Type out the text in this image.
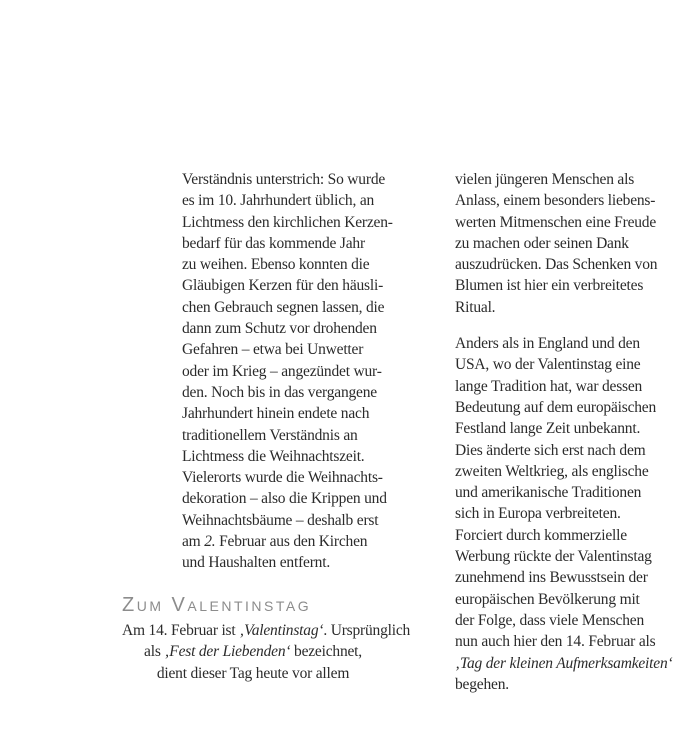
Verständnis unterstrich: So wurde
es im 10. Jahrhundert üblich, an
Lichtmess den kirchlichen Kerzen-
bedarf für das kommende Jahr
zu weihen. Ebenso konnten die
Gläubigen Kerzen für den häusli-
chen Gebrauch segnen lassen, die
dann zum Schutz vor drohenden
Gefahren – etwa bei Unwetter
oder im Krieg – angezündet wur-
den. Noch bis in das vergangene
Jahrhundert hinein endete nach
traditionellem Verständnis an
Lichtmess die Weihnachtszeit.
Vielerorts wurde die Weihnachts-
dekoration – also die Krippen und
Weihnachtsbäume – deshalb erst
am 2. Februar aus den Kirchen
und Haushalten entfernt.
Zum Valentinstag
Am 14. Februar ist ‚Valentinstag‘. Ursprünglich
als ‚Fest der Liebenden‘ bezeichnet,
dient dieser Tag heute vor allem
vielen jüngeren Menschen als
Anlass, einem besonders liebens-
werten Mitmenschen eine Freude
zu machen oder seinen Dank
auszudrücken. Das Schenken von
Blumen ist hier ein verbreitetes
Ritual.
Anders als in England und den
USA, wo der Valentinstag eine
lange Tradition hat, war dessen
Bedeutung auf dem europäischen
Festland lange Zeit unbekannt.
Dies änderte sich erst nach dem
zweiten Weltkrieg, als englische
und amerikanische Traditionen
sich in Europa verbreiteten.
Forciert durch kommerzielle
Werbung rückte der Valentinstag
zunehmend ins Bewusstsein der
europäischen Bevölkerung mit
der Folge, dass viele Menschen
nun auch hier den 14. Februar als
‚Tag der kleinen Aufmerksamkeiten‘
begehen.
